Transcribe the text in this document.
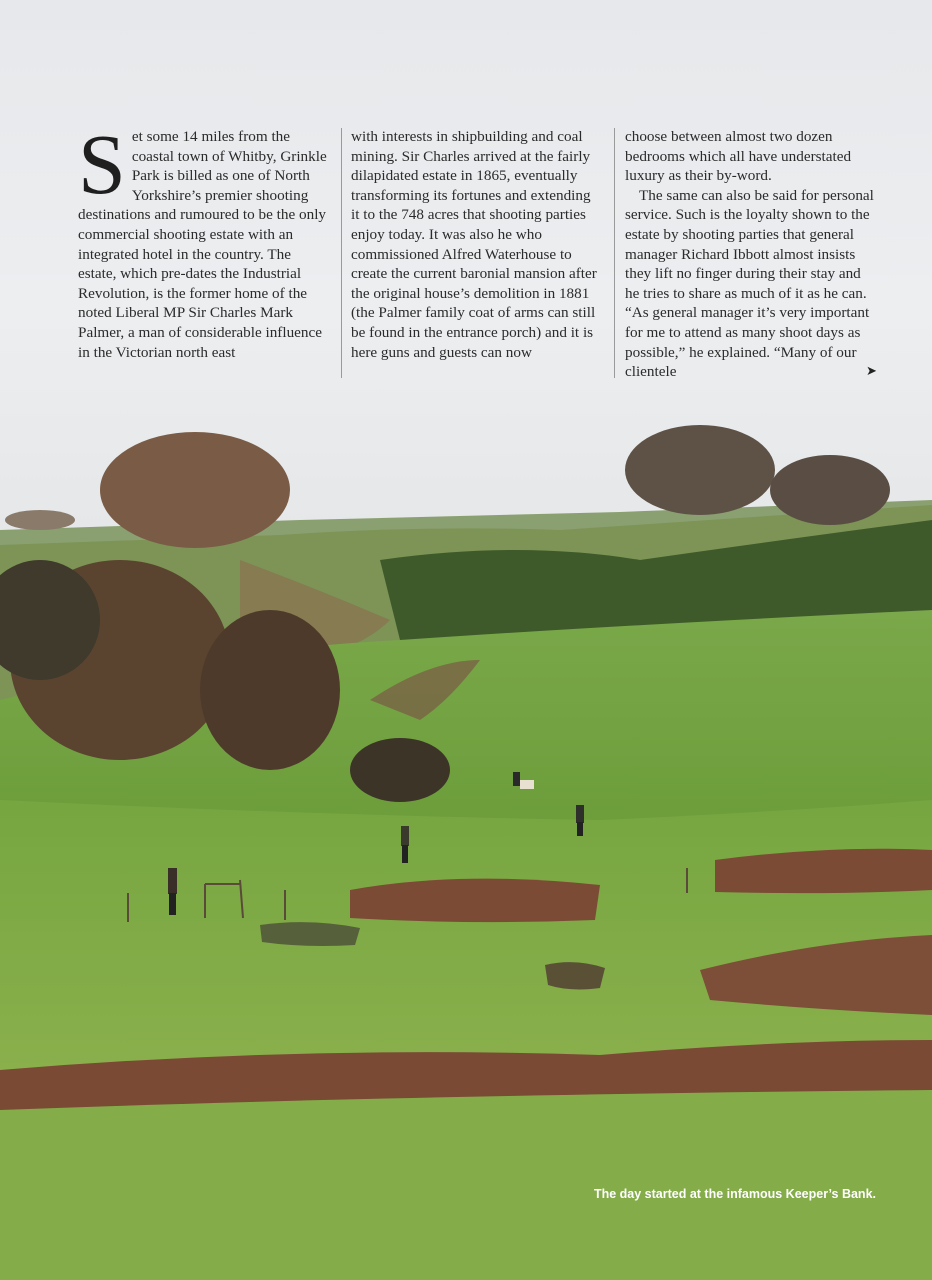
Set some 14 miles from the coastal town of Whitby, Grinkle Park is billed as one of North Yorkshire’s premier shooting destinations and rumoured to be the only commercial shooting estate with an integrated hotel in the country. The estate, which pre-dates the Industrial Revolution, is the former home of the noted Liberal MP Sir Charles Mark Palmer, a man of considerable influence in the Victorian north east

with interests in shipbuilding and coal mining. Sir Charles arrived at the fairly dilapidated estate in 1865, eventually transforming its fortunes and extending it to the 748 acres that shooting parties enjoy today. It was also he who commissioned Alfred Waterhouse to create the current baronial mansion after the original house’s demolition in 1881 (the Palmer family coat of arms can still be found in the entrance porch) and it is here guns and guests can now

choose between almost two dozen bedrooms which all have understated luxury as their by-word.

The same can also be said for personal service. Such is the loyalty shown to the estate by shooting parties that general manager Richard Ibbott almost insists they lift no finger during their stay and he tries to share as much of it as he can. “As general manager it’s very important for me to attend as many shoot days as possible,” he explained. “Many of our clientele	➤
The day started at the infamous Keeper’s Bank.
